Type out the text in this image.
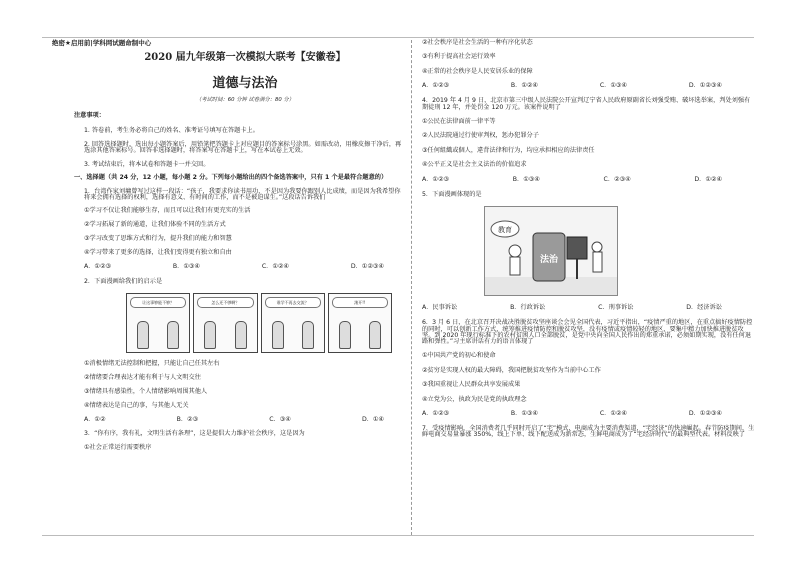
绝密★启用前|学科网试题命制中心

2020 届九年级第一次模拟大联考【安徽卷】

道德与法治

（考试时间：60 分钟 试卷满分：80 分）

注意事项：

1. 答卷前，考生务必将自己的姓名、准考证号填写在答题卡上。

2. 回答选择题时，选出每小题答案后，用铅笔把答题卡上对应题目的答案标号涂黑。如需改动，用橡皮擦干净后，再选涂其他答案标号。回答非选择题时，将答案写在答题卡上，写在本试卷上无效。

3. 考试结束后，将本试卷和答题卡一并交回。

一、选择题（共 24 分，12 小题，每小题 2 分。下列每小题给出的四个备选答案中，只有 1 个是最符合题意的）

1．台湾作家刘墉曾写过这样一段话：“孩子，我要求你读书用功，不是因为我要你跟别人比成绩，而是因为我希望你将来会拥有选择的权利，选择有意义、有时间的工作，而不是被迫谋生。”这段话告诉我们

①学习不仅让我们能够生存，而且可以让我们有更充实的生活

②学习拓展了新的通道，让我们体验不同的生活方式

③学习改变了思维方式和行为，提升我们的能力和智慧

④学习带来了更多的选择，让我们变得更有独立和自由

A．①②③	B．①③④	C．①②④	D．①②③④

2．下面漫画给我们的启示是

让这事够能不够？	怎么还不够啊？	谁学不再去交流？	滚开!!

①消极情绪无法控制和把握，只能让自己任其左右

②情绪要合理表达才能有利于与人文明交往

③情绪具有感染性，个人情绪影响周围其他人

④情绪表达是自己的事，与其他人无关

A．①②	B．②③	C．③④	D．①④

3．“你有序，我有礼，文明生活有条理”，这是提倡大力维护社会秩序，这是因为

①社会正常运行需要秩序

②社会秩序是社会生活的一种有序化状态

③有利于提高社会运行效率

④正常的社会秩序是人民安居乐业的保障

A．①②③	B．①②④	C．①③④	D．①②③④

4．2019 年 4 月 9 日，北京市第三中级人民法院公开宣判辽宁省人民政府原副省长刘强受贿、破坏选举案，判处刘强有期徒刑 12 年，并处罚金 120 万元。该案件说明了

①公民在法律面前一律平等

②人民法院通过行使审判权，惩办犯罪分子

③任何組織或個人，違背法律和行为，均应承担相应的法律责任

④公平正义是社会主义法治的价值追求

A．①②③	B．①③④	C．②③④	D．①②④

5．下面漫画体现的是

教育
法治
A．民事诉讼	B．行政诉讼	C．刑事诉讼	D．经济诉讼

6．3 月 6 日，在北京召开决战决胜脱贫攻坚座谈会会见全国代表，习近平指出，“疫情严重的地区，在重点搞好疫情防控的同时，可以创新工作方式，统筹推进疫情防控和脱贫攻坚，没有疫情或疫情较轻的地区，要集中精力加快推进脱贫攻坚。到 2020 年现行标准下的农村贫困人口全部脱贫，是党中央向全国人民作出的郑重承诺，必须如期实现，没有任何退路和弹性。”习主席讲话有力的语言体现了

①中国共产党的初心和使命

②贫穷是实现人权的最大障碍，我国把脱贫攻坚作为当前中心工作

③我国重视让人民群众共享发展成果

④立党为公，执政为民是党的执政理念

A．①②③	B．①③④	C．①②④	D．①②③④

7．受疫情影响，全国消费者几乎同时开启了“宅”模式，电商成为主要消费渠道，“宅经济”的快速崛起。春节防疫期间，生鲜电商交易量暴涨 350%，线上下单、线下配送成为新常态，生鲜电商成为了“宅经济时代”的最典型代表。材料反映了
